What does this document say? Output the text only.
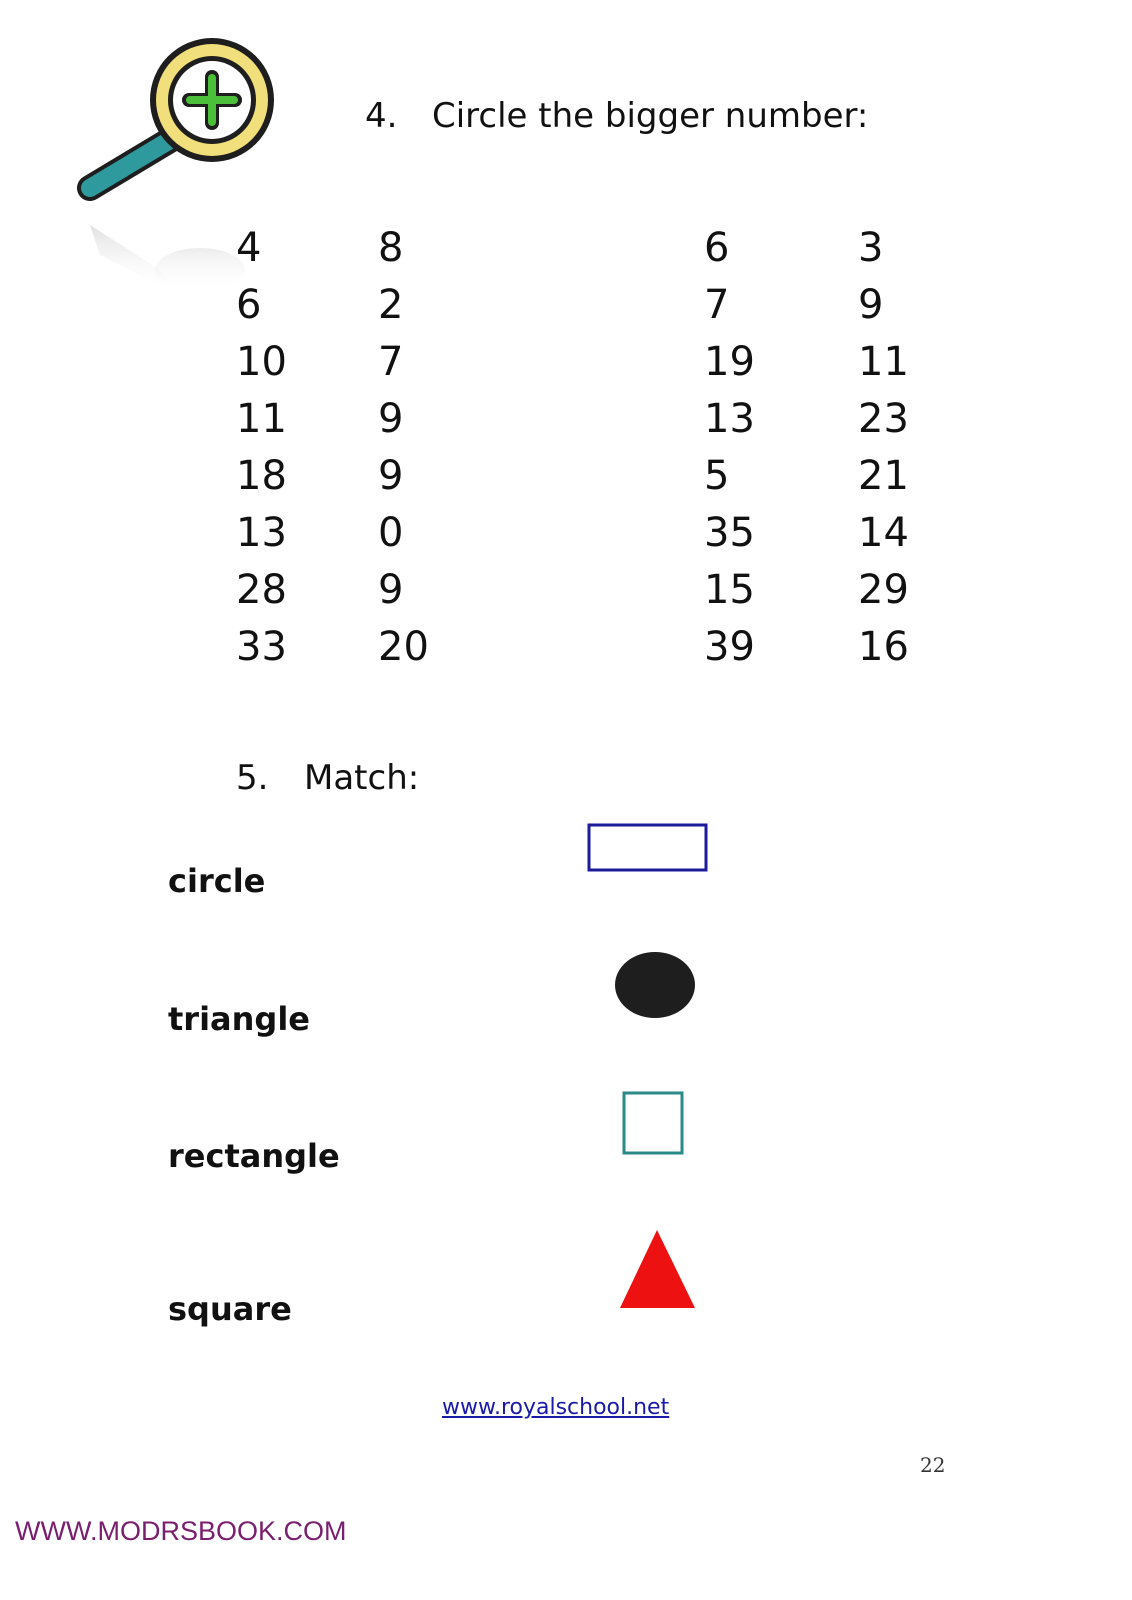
4. Circle the bigger number:
4	8
6	2
10 7
11 9
18 9
13 0
28 9
33 20
6	3
7	9
19	11
13	23
5	21
35	14
15	29
39	16
5. Match:
circle
triangle
rectangle
square
www.royalschool.net
22
WWW.MODRSBOOK.COM
